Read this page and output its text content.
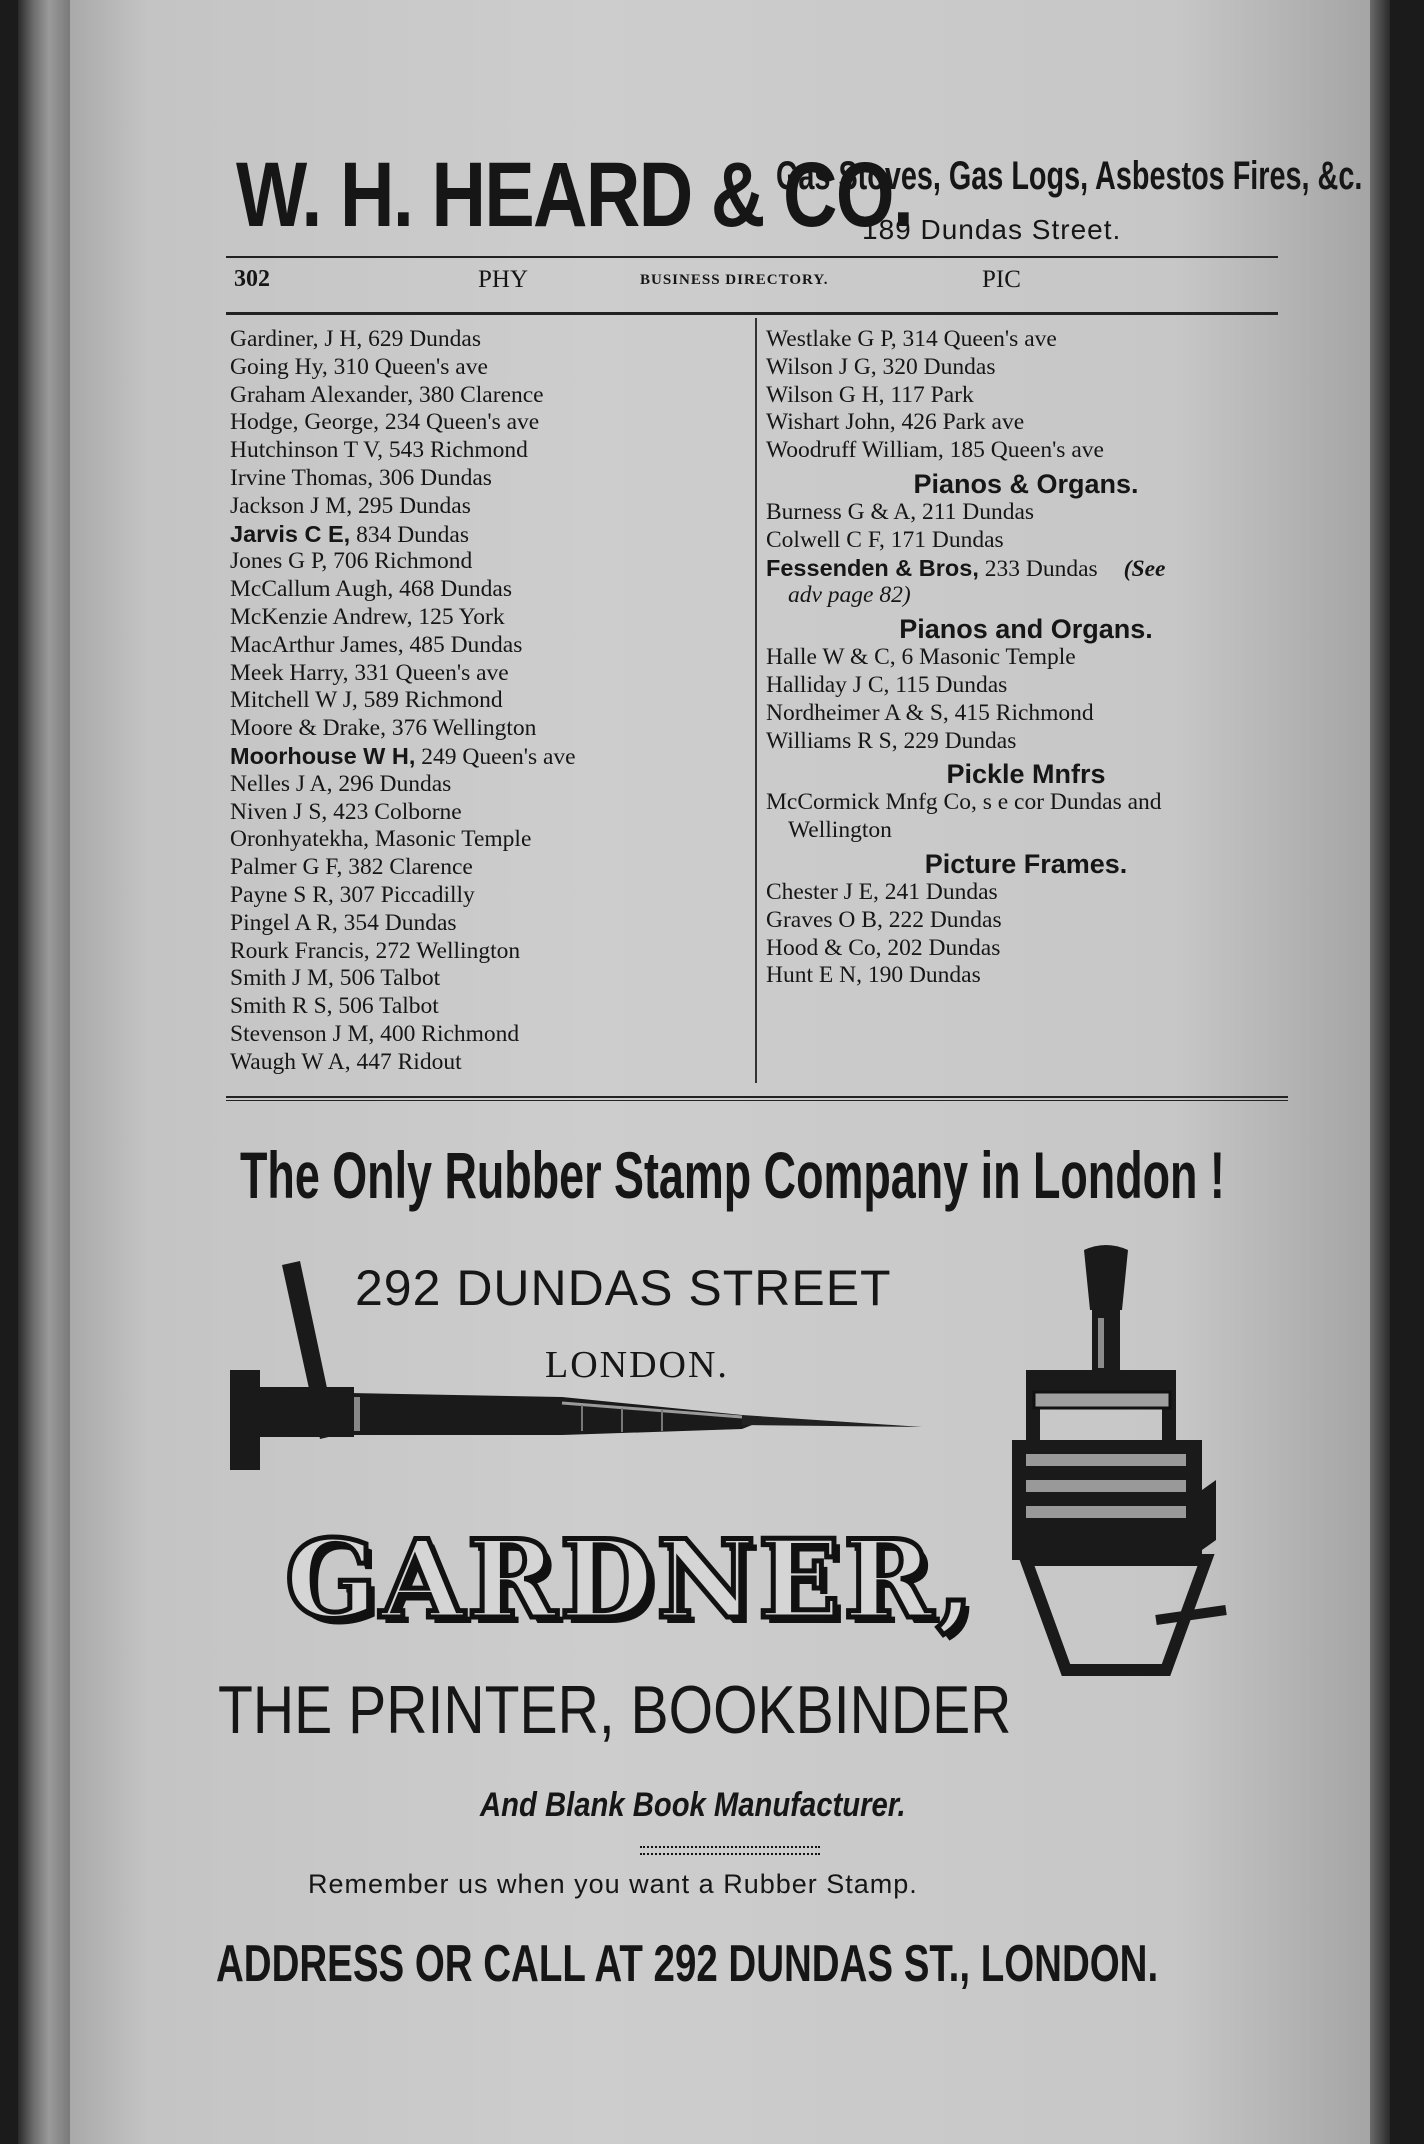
W. H. HEARD & CO.
Gas Stoves, Gas Logs, Asbestos Fires, &c.
189 Dundas Street.
302	PHY	BUSINESS DIRECTORY.	PIC
Gardiner, J H, 629 Dundas
Going Hy, 310 Queen's ave
Graham Alexander, 380 Clarence
Hodge, George, 234 Queen's ave
Hutchinson T V, 543 Richmond
Irvine Thomas, 306 Dundas
Jackson J M, 295 Dundas
Jarvis C E, 834 Dundas
Jones G P, 706 Richmond
McCallum Augh, 468 Dundas
McKenzie Andrew, 125 York
MacArthur James, 485 Dundas
Meek Harry, 331 Queen's ave
Mitchell W J, 589 Richmond
Moore & Drake, 376 Wellington
Moorhouse W H, 249 Queen's ave
Nelles J A, 296 Dundas
Niven J S, 423 Colborne
Oronhyatekha, Masonic Temple
Palmer G F, 382 Clarence
Payne S R, 307 Piccadilly
Pingel A R, 354 Dundas
Rourk Francis, 272 Wellington
Smith J M, 506 Talbot
Smith R S, 506 Talbot
Stevenson J M, 400 Richmond
Waugh W A, 447 Ridout
Westlake G P, 314 Queen's ave
Wilson J G, 320 Dundas
Wilson G H, 117 Park
Wishart John, 426 Park ave
Woodruff William, 185 Queen's ave
Pianos & Organs.
Burness G & A, 211 Dundas
Colwell C F, 171 Dundas
Fessenden & Bros, 233 Dundas (See
adv page 82)
Pianos and Organs.
Halle W & C, 6 Masonic Temple
Halliday J C, 115 Dundas
Nordheimer A & S, 415 Richmond
Williams R S, 229 Dundas
Pickle Mnfrs
McCormick Mnfg Co, s e cor Dundas and
Wellington
Picture Frames.
Chester J E, 241 Dundas
Graves O B, 222 Dundas
Hood & Co, 202 Dundas
Hunt E N, 190 Dundas
The Only Rubber Stamp Company in London !
292 DUNDAS STREET
LONDON.
GARDNER,
THE PRINTER, BOOKBINDER
And Blank Book Manufacturer.
Remember us when you want a Rubber Stamp.
ADDRESS OR CALL AT 292 DUNDAS ST., LONDON.
